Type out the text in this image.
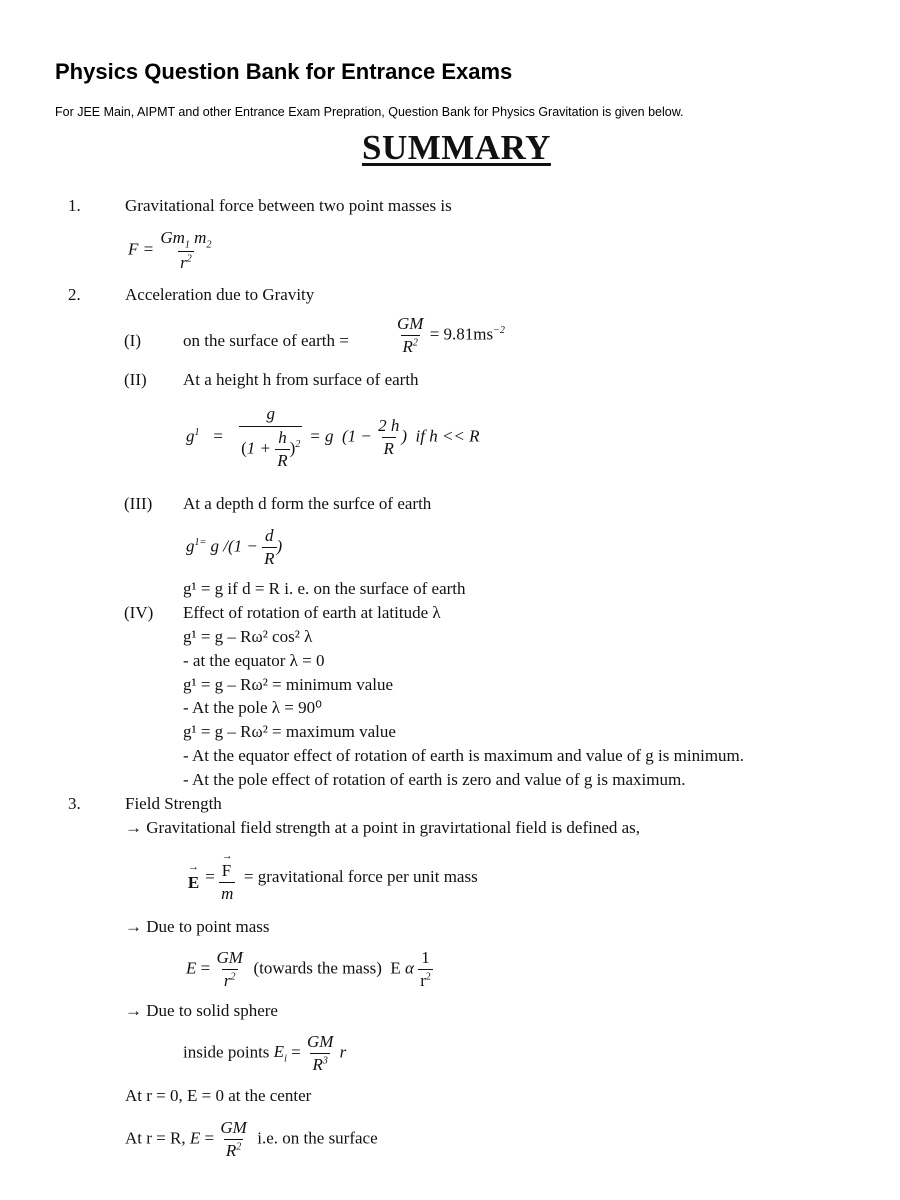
Physics Question Bank for Entrance Exams
For JEE Main, AIPMT and other Entrance Exam Prepration, Question Bank for Physics Gravitation is given below.
SUMMARY
1.	Gravitational force between two point masses is
$F = \frac{Gm_1 m_2}{r^2}$
2.	Acceleration due to Gravity
(I) on the surface of earth =	$\frac{GM}{R^2} = 9.81ms^{-2}$
(II) At a height h from surface of earth
$g^1 = \frac{g}{(1 + \frac{h}{R} )^2} = g$  ($1 - \frac{2 h}{R}$ )  if h << R
(III) At a depth d form the surfce of earth
$g^{1=}$ g $/(1 - \frac{d}{R}$ )
g¹ = g if d = R i. e. on the surface of earth
(IV) Effect of rotation of earth at latitude λ
g¹ = g – Rω² cos² λ
- at the equator λ = 0
g¹ = g – Rω² = minimum value
- At the pole λ = 90⁰
g¹ = g – Rω² = maximum value
- At the equator effect of rotation of earth is maximum and value of g is minimum.
- At the pole effect of rotation of earth is zero and value of g is maximum.
3.	Field Strength
→ Gravitational field strength at a point in gravirtational field is defined as,
→
E = →
F
m = gravitational force per unit mass
→ Due to point mass
$E = \frac{GM}{r^2}$ (towards the mass)  E α $\frac{1}{r^2}$
→ Due to solid sphere
inside points $E_i = \frac{GM}{R^3}$ r
At r = 0, E = 0 at the center
At r = R, $E = \frac{GM}{R^2} i.e$. on the surface
